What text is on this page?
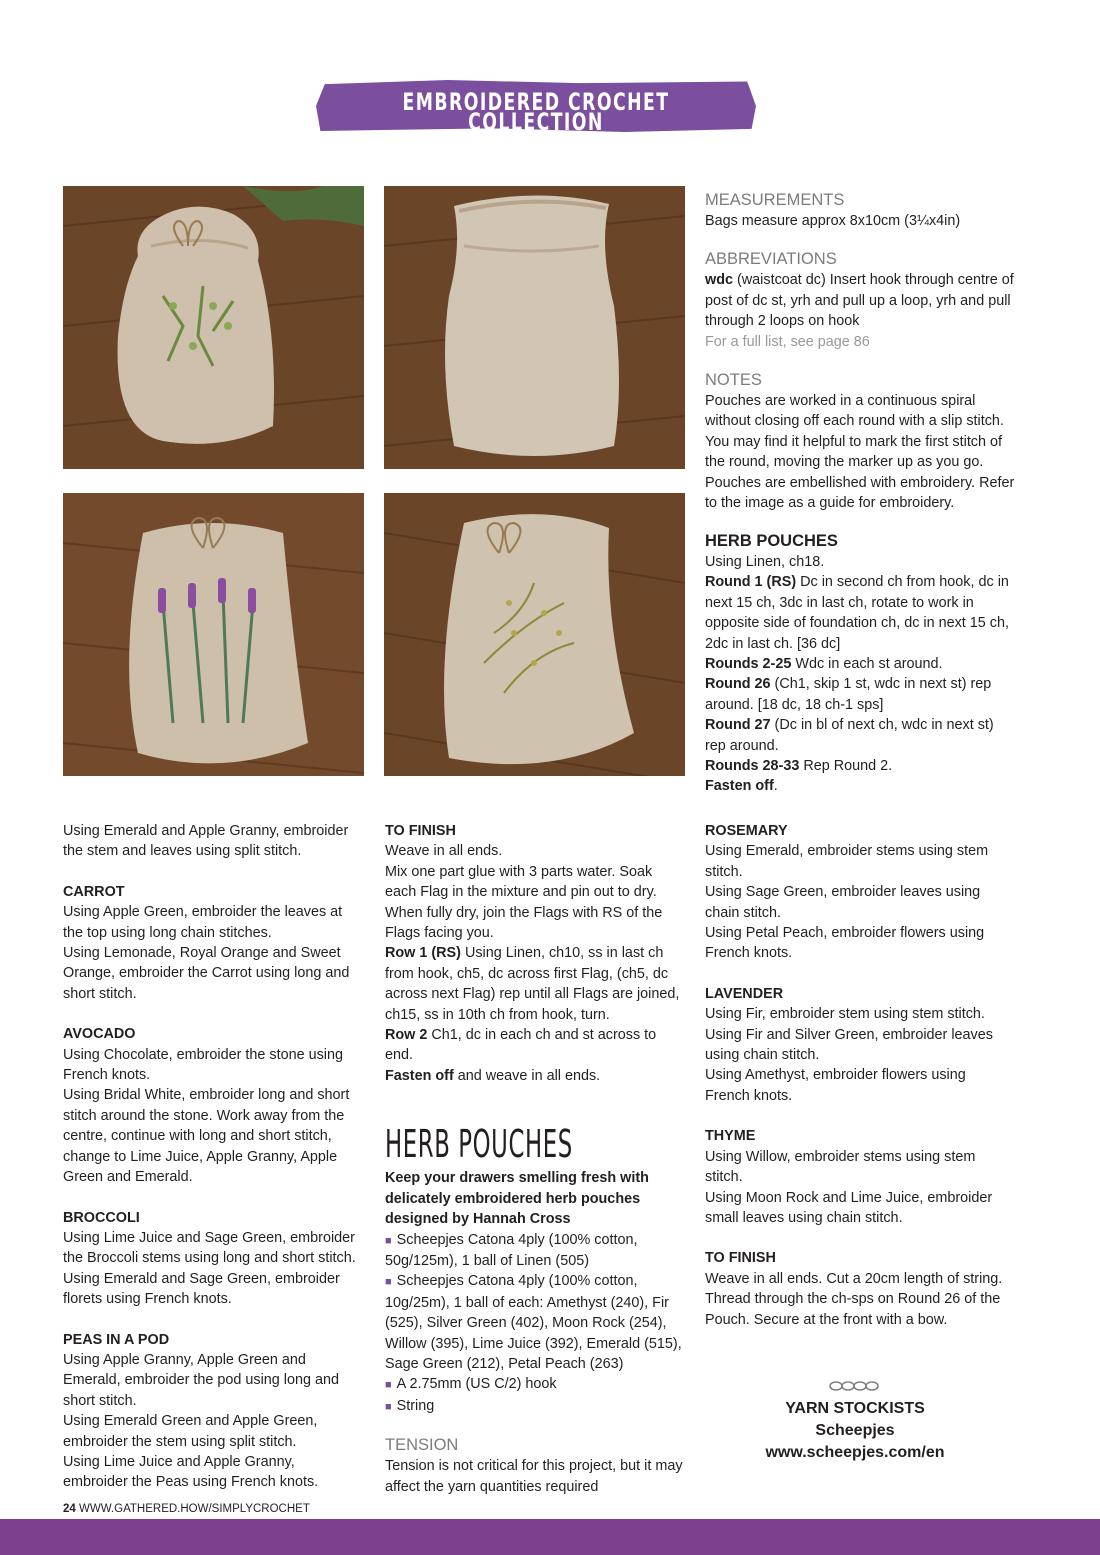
EMBROIDERED CROCHET COLLECTION

Using Emerald and Apple Granny, embroider the stem and leaves using split stitch.

CARROT

Using Apple Green, embroider the leaves at the top using long chain stitches.

Using Lemonade, Royal Orange and Sweet Orange, embroider the Carrot using long and short stitch.

AVOCADO

Using Chocolate, embroider the stone using French knots.

Using Bridal White, embroider long and short stitch around the stone. Work away from the centre, continue with long and short stitch, change to Lime Juice, Apple Granny, Apple Green and Emerald.

BROCCOLI

Using Lime Juice and Sage Green, embroider the Broccoli stems using long and short stitch.

Using Emerald and Sage Green, embroider florets using French knots.

PEAS IN A POD

Using Apple Granny, Apple Green and Emerald, embroider the pod using long and short stitch.

Using Emerald Green and Apple Green, embroider the stem using split stitch.

Using Lime Juice and Apple Granny, embroider the Peas using French knots.

TO FINISH

Weave in all ends.

Mix one part glue with 3 parts water. Soak each Flag in the mixture and pin out to dry.

When fully dry, join the Flags with RS of the Flags facing you.

Row 1 (RS) Using Linen, ch10, ss in last ch from hook, ch5, dc across first Flag, (ch5, dc across next Flag) rep until all Flags are joined, ch15, ss in 10th ch from hook, turn.

Row 2 Ch1, dc in each ch and st across to end.

Fasten off and weave in all ends.

HERB POUCHES

Keep your drawers smelling fresh with delicately embroidered herb pouches designed by Hannah Cross

■ Scheepjes Catona 4ply (100% cotton, 50g/125m), 1 ball of Linen (505)

■ Scheepjes Catona 4ply (100% cotton, 10g/25m), 1 ball of each: Amethyst (240), Fir (525), Silver Green (402), Moon Rock (254), Willow (395), Lime Juice (392), Emerald (515), Sage Green (212), Petal Peach (263)

■ A 2.75mm (US C/2) hook

■ String

TENSION

Tension is not critical for this project, but it may affect the yarn quantities required

MEASUREMENTS

Bags measure approx 8x10cm (3¼x4in)

ABBREVIATIONS

wdc (waistcoat dc) Insert hook through centre of post of dc st, yrh and pull up a loop, yrh and pull through 2 loops on hook

For a full list, see page 86

NOTES

Pouches are worked in a continuous spiral without closing off each round with a slip stitch. You may find it helpful to mark the first stitch of the round, moving the marker up as you go. Pouches are embellished with embroidery. Refer to the image as a guide for embroidery.

HERB POUCHES

Using Linen, ch18.

Round 1 (RS) Dc in second ch from hook, dc in next 15 ch, 3dc in last ch, rotate to work in opposite side of foundation ch, dc in next 15 ch, 2dc in last ch. [36 dc]

Rounds 2-25 Wdc in each st around.

Round 26 (Ch1, skip 1 st, wdc in next st) rep around. [18 dc, 18 ch-1 sps]

Round 27 (Dc in bl of next ch, wdc in next st) rep around.

Rounds 28-33 Rep Round 2.

Fasten off.

ROSEMARY

Using Emerald, embroider stems using stem stitch.

Using Sage Green, embroider leaves using chain stitch.

Using Petal Peach, embroider flowers using French knots.

LAVENDER

Using Fir, embroider stem using stem stitch.

Using Fir and Silver Green, embroider leaves using chain stitch.

Using Amethyst, embroider flowers using French knots.

THYME

Using Willow, embroider stems using stem stitch.

Using Moon Rock and Lime Juice, embroider small leaves using chain stitch.

TO FINISH

Weave in all ends. Cut a 20cm length of string. Thread through the ch-sps on Round 26 of the Pouch. Secure at the front with a bow.

YARN STOCKISTS
Scheepjes
www.scheepjes.com/en
24 WWW.GATHERED.HOW/SIMPLYCROCHET
